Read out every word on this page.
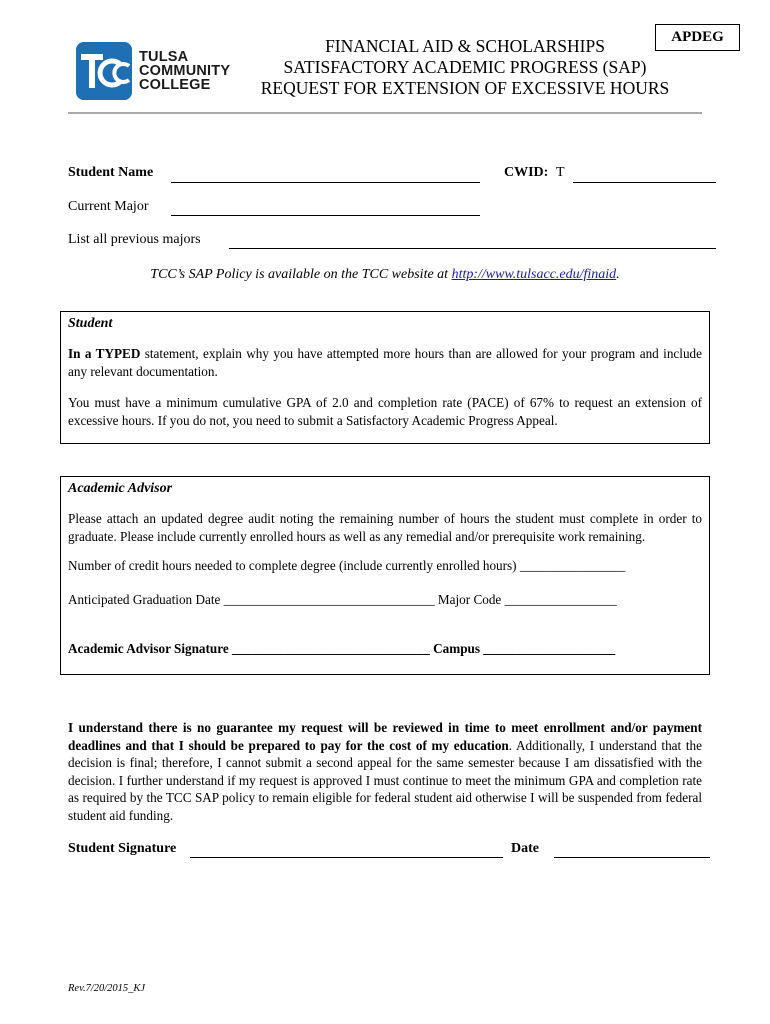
TULSA
COMMUNITY
COLLEGE
FINANCIAL AID & SCHOLARSHIPS
SATISFACTORY ACADEMIC PROGRESS (SAP)
REQUEST FOR EXTENSION OF EXCESSIVE HOURS
APDEG
Student Name	CWID: T
Current Major
List all previous majors
TCC’s SAP Policy is available on the TCC website at http://www.tulsacc.edu/finaid.
Student
In a TYPED statement, explain why you have attempted more hours than are allowed for your program and include any relevant documentation.
You must have a minimum cumulative GPA of 2.0 and completion rate (PACE) of 67% to request an extension of excessive hours. If you do not, you need to submit a Satisfactory Academic Progress Appeal.
Academic Advisor
Please attach an updated degree audit noting the remaining number of hours the student must complete in order to graduate. Please include currently enrolled hours as well as any remedial and/or prerequisite work remaining.
Number of credit hours needed to complete degree (include currently enrolled hours) ________________
Anticipated Graduation Date ________________________________ Major Code _________________
Academic Advisor Signature ______________________________ Campus ____________________
I understand there is no guarantee my request will be reviewed in time to meet enrollment and/or payment deadlines and that I should be prepared to pay for the cost of my education. Additionally, I understand that the decision is final; therefore, I cannot submit a second appeal for the same semester because I am dissatisfied with the decision. I further understand if my request is approved I must continue to meet the minimum GPA and completion rate as required by the TCC SAP policy to remain eligible for federal student aid otherwise I will be suspended from federal student aid funding.
Student Signature	Date
Rev.7/20/2015_KJ
